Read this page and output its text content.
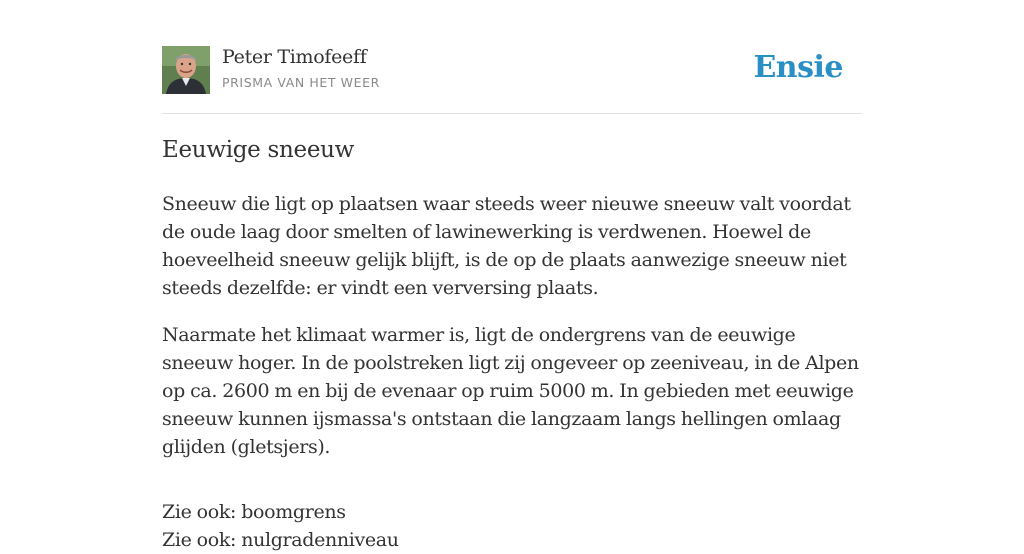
Peter Timofeeff
PRISMA VAN HET WEER	Ensie
Eeuwige sneeuw

Sneeuw die ligt op plaatsen waar steeds weer nieuwe sneeuw valt voordat de oude laag door smelten of lawinewerking is verdwenen. Hoewel de hoeveelheid sneeuw gelijk blijft, is de op de plaats aanwezige sneeuw niet steeds dezelfde: er vindt een verversing plaats.

Naarmate het klimaat warmer is, ligt de ondergrens van de eeuwige sneeuw hoger. In de poolstreken ligt zij ongeveer op zeeniveau, in de Alpen op ca. 2600 m en bij de evenaar op ruim 5000 m. In gebieden met eeuwige sneeuw kunnen ijsmassa's ontstaan die langzaam langs hellingen omlaag glijden (gletsjers).

Zie ook: boomgrens
Zie ook: nulgradenniveau
